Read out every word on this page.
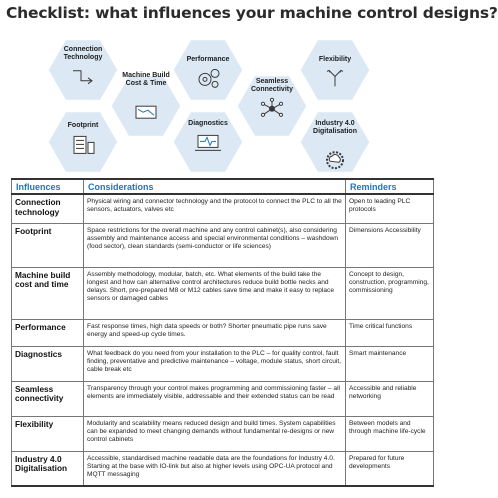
Checklist: what influences your machine control designs?
Connection Technology
Machine Build Cost & Time
Performance
Seamless Connectivity
Flexibility
Footprint	Diagnostics	Industry 4.0 Digitalisation
Influences	Considerations	Reminders
Connection technology	Physical wiring and connector technology and the protocol to connect the PLC to all the sensors, actuators, valves etc	Open to leading PLC protocols
Footprint	Space restrictions for the overall machine and any control cabinet(s), also considering assembly and maintenance access and special environmental conditions – washdown (food sector), clean standards (semi-conductor or life sciences)	Dimensions Accessibility
Machine build cost and time	Assembly methodology, modular, batch, etc. What elements of the build take the longest and how can alternative control architectures reduce build bottle necks and delays. Short, pre-prepared M8 or M12 cables save time and make it easy to replace sensors or damaged cables	Concept to design, construction, programming, commissioning
Performance	Fast response times, high data speeds or both? Shorter pneumatic pipe runs save energy and speed-up cycle times.	Time critical functions
Diagnostics	What feedback do you need from your installation to the PLC – for quality control, fault finding, preventative and predictive maintenance – voltage, module status, short circuit, cable break etc	Smart maintenance
Seamless connectivity	Transparency through your control makes programming and commissioning faster – all elements are immediately visible, addressable and their extended status can be read	Accessible and reliable networking
Flexibility	Modularity and scalability means reduced design and build times. System capabilities can be expanded to meet changing demands without fundamental re-designs or new control cabinets	Between models and through machine life-cycle
Industry 4.0 Digitalisation	Accessible, standardised machine readable data are the foundations for Industry 4.0. Starting at the base with IO-link but also at higher levels using OPC-UA protocol and MQTT messaging	Prepared for future developments
